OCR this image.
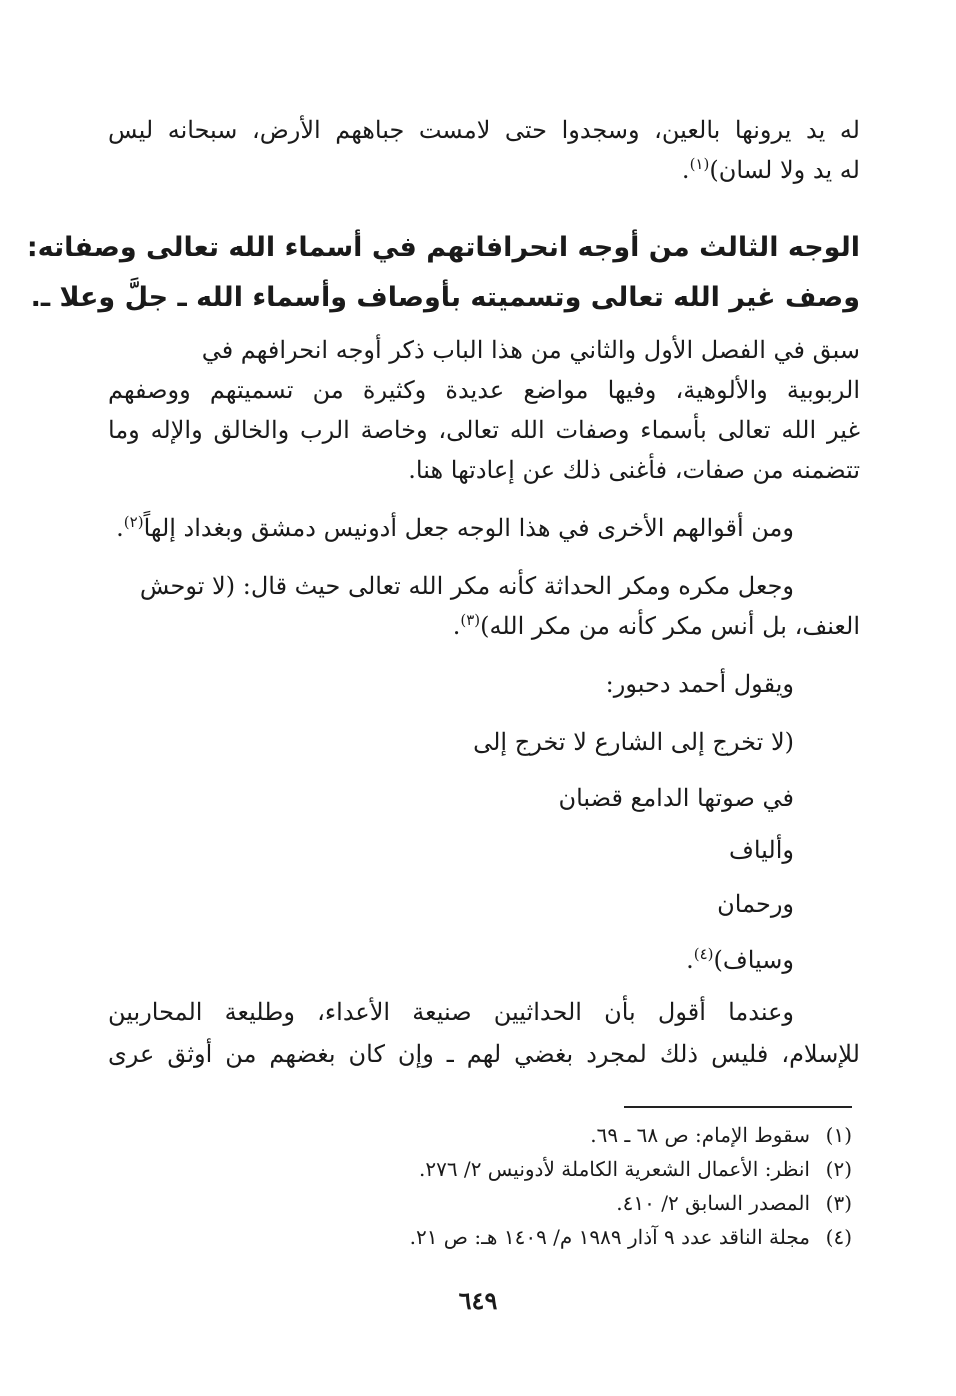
له يد يرونها بالعين، وسجدوا حتى لامست جباههم الأرض، سبحانه ليس
له يد ولا لسان)$^{(١)}$.
الوجه الثالث من أوجه انحرافاتهم في أسماء الله تعالى وصفاته:
وصف غير الله تعالى وتسميته بأوصاف وأسماء الله ـ جلَّ وعلا ـ.
سبق في الفصل الأول والثاني من هذا الباب ذكر أوجه انحرافهم في
الربوبية والألوهية، وفيها مواضع عديدة وكثيرة من تسميتهم ووصفهم
غير الله تعالى بأسماء وصفات الله تعالى، وخاصة الرب والخالق والإله وما
تتضمنه من صفات، فأغنى ذلك عن إعادتها هنا.
ومن أقوالهم الأخرى في هذا الوجه جعل أدونيس دمشق وبغداد إلهاً$^{(٢)}$.
وجعل مكره ومكر الحداثة كأنه مكر الله تعالى حيث قال: (لا توحش
العنف، بل أنس مكر كأنه من مكر الله)$^{(٣)}$.
ويقول أحمد دحبور:
(لا تخرج إلى الشارع لا تخرج إلى
في صوتها الدامع قضبان
وألياف
ورحمان
وسياف)$^{(٤)}$.
وعندما أقول بأن الحداثيين صنيعة الأعداء، وطليعة المحاربين
للإسلام، فليس ذلك لمجرد بغضي لهم ـ وإن كان بغضهم من أوثق عرى
(١)سقوط الإمام: ص ٦٨ ـ ٦٩.
(٢)انظر: الأعمال الشعرية الكاملة لأدونيس ٢/ ٢٧٦.
(٣)المصدر السابق ٢/ ٤١٠.
(٤)مجلة الناقد عدد ٩ آذار ١٩٨٩ م/ ١٤٠٩ هـ: ص ٢١.
٦٤٩
